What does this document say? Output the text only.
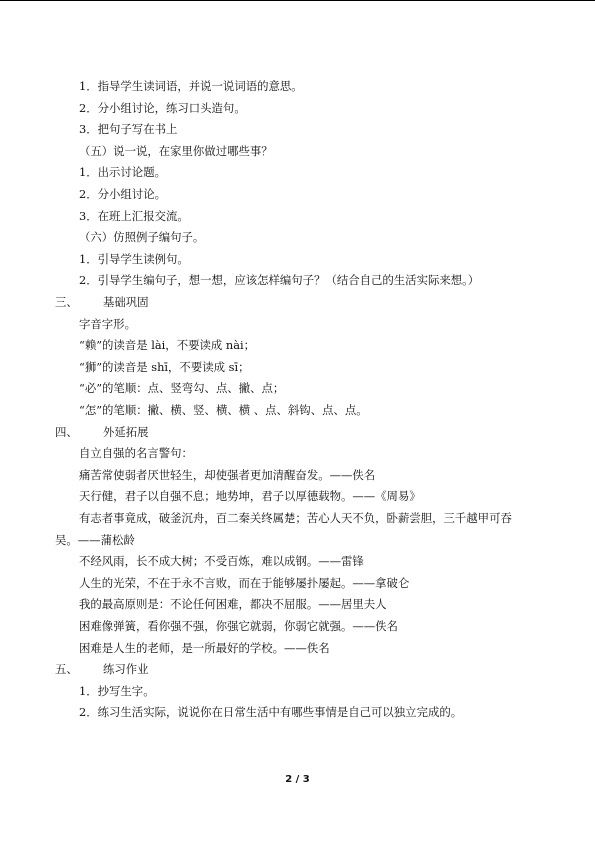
1．指导学生读词语，并说一说词语的意思。
2．分小组讨论，练习口头造句。
3．把句子写在书上
（五）说一说，在家里你做过哪些事？
1．出示讨论题。
2．分小组讨论。
3．在班上汇报交流。
（六）仿照例子编句子。
1．引导学生读例句。
2．引导学生编句子，想一想，应该怎样编句子？（结合自己的生活实际来想。）
三、 基础巩固
字音字形。
“赖”的读音是 lài，不要读成 nài；
“狮”的读音是 shī，不要读成 sī；
“必”的笔顺：点、竖弯勾、点、撇、点；
“怎”的笔顺：撇、横、竖、横、横 、点、斜钩、点、点。
四、 外延拓展
自立自强的名言警句：
痛苦常使弱者厌世轻生，却使强者更加清醒奋发。——佚名
天行健，君子以自强不息；地势坤，君子以厚德载物。——《周易》
有志者事竟成，破釜沉舟，百二秦关终属楚；苦心人天不负，卧薪尝胆，三千越甲可吞
吴。——蒲松龄
不经风雨，长不成大树；不受百炼，难以成钢。——雷锋
人生的光荣，不在于永不言败，而在于能够屡扑屡起。——拿破仑
我的最高原则是：不论任何困难，都决不屈服。——居里夫人
困难像弹簧，看你强不强，你强它就弱，你弱它就强。——佚名
困难是人生的老师，是一所最好的学校。——佚名
五、 练习作业
1．抄写生字。
2．练习生活实际，说说你在日常生活中有哪些事情是自己可以独立完成的。
2 / 3
